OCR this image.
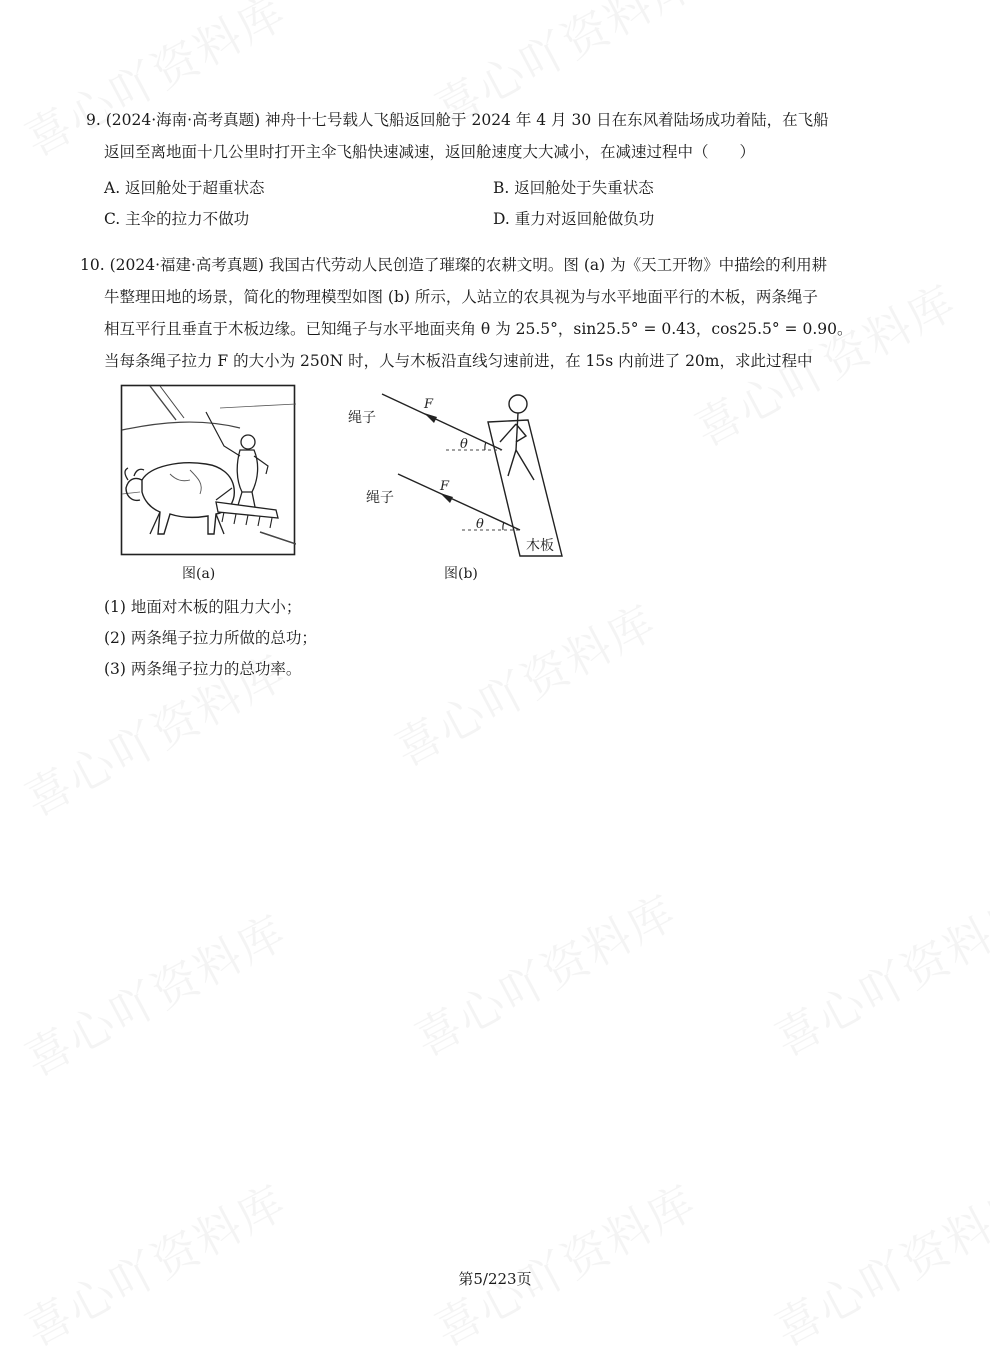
9. (2024·海南·高考真题) 神舟十七号载人飞船返回舱于 2024 年 4 月 30 日在东风着陆场成功着陆，在飞船
返回至离地面十几公里时打开主伞飞船快速减速，返回舱速度大大减小，在减速过程中（　　）
A. 返回舱处于超重状态	B. 返回舱处于失重状态
C. 主伞的拉力不做功	D. 重力对返回舱做负功
10. (2024·福建·高考真题) 我国古代劳动人民创造了璀璨的农耕文明。图 (a) 为《天工开物》中描绘的利用耕
牛整理田地的场景，简化的物理模型如图 (b) 所示，人站立的农具视为与水平地面平行的木板，两条绳子
相互平行且垂直于木板边缘。已知绳子与水平地面夹角 θ 为 25.5°，sin25.5° = 0.43，cos25.5° = 0.90。
当每条绳子拉力 F 的大小为 250N 时，人与木板沿直线匀速前进，在 15s 内前进了 20m，求此过程中
图(a)
绳子
绳子
F
F
θ
θ
木板
图(b)
(1) 地面对木板的阻力大小；
(2) 两条绳子拉力所做的总功；
(3) 两条绳子拉力的总功率。
第5/223页
